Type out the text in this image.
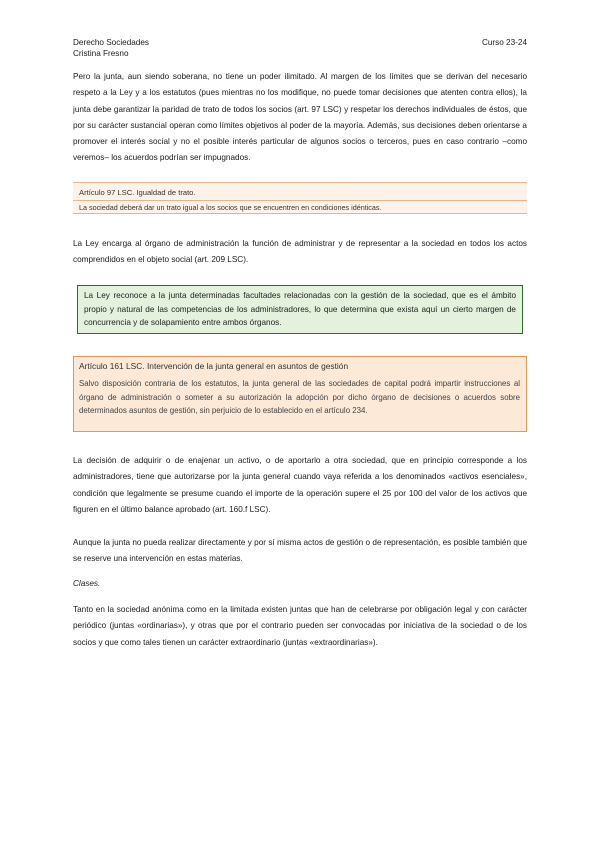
Derecho Sociedades
Cristina Fresno
Curso 23-24

Pero la junta, aun siendo soberana, no tiene un poder ilimitado. Al margen de los límites que se derivan del necesario respeto a la Ley y a los estatutos (pues mientras no los modifique, no puede tomar decisiones que atenten contra ellos), la junta debe garantizar la paridad de trato de todos los socios (art. 97 LSC) y respetar los derechos individuales de éstos, que por su carácter sustancial operan como límites objetivos al poder de la mayoría. Además, sus decisiones deben orientarse a promover el interés social y no el posible interés particular de algunos socios o terceros, pues en caso contrario –como veremos– los acuerdos podrían ser impugnados.

Artículo 97 LSC. Igualdad de trato.
La sociedad deberá dar un trato igual a los socios que se encuentren en condiciones idénticas.

La Ley encarga al órgano de administración la función de administrar y de representar a la sociedad en todos los actos comprendidos en el objeto social (art. 209 LSC).

La Ley reconoce a la junta determinadas facultades relacionadas con la gestión de la sociedad, que es el ámbito propio y natural de las competencias de los administradores, lo que determina que exista aquí un cierto margen de concurrencia y de solapamiento entre ambos órganos.
Artículo 161 LSC. Intervención de la junta general en asuntos de gestión
Salvo disposición contraria de los estatutos, la junta general de las sociedades de capital podrá impartir instrucciones al órgano de administración o someter a su autorización la adopción por dicho órgano de decisiones o acuerdos sobre determinados asuntos de gestión, sin perjuicio de lo establecido en el artículo 234.

La decisión de adquirir o de enajenar un activo, o de aportarlo a otra sociedad, que en principio corresponde a los administradores, tiene que autorizarse por la junta general cuando vaya referida a los denominados «activos esenciales», condición que legalmente se presume cuando el importe de la operación supere el 25 por 100 del valor de los activos que figuren en el último balance aprobado (art. 160.f LSC).

Aunque la junta no pueda realizar directamente y por sí misma actos de gestión o de representación, es posible también que se reserve una intervención en estas materias.

Clases.

Tanto en la sociedad anónima como en la limitada existen juntas que han de celebrarse por obligación legal y con carácter periódico (juntas «ordinarias»), y otras que por el contrario pueden ser convocadas por iniciativa de la sociedad o de los socios y que como tales tienen un carácter extraordinario (juntas «extraordinarias»).
